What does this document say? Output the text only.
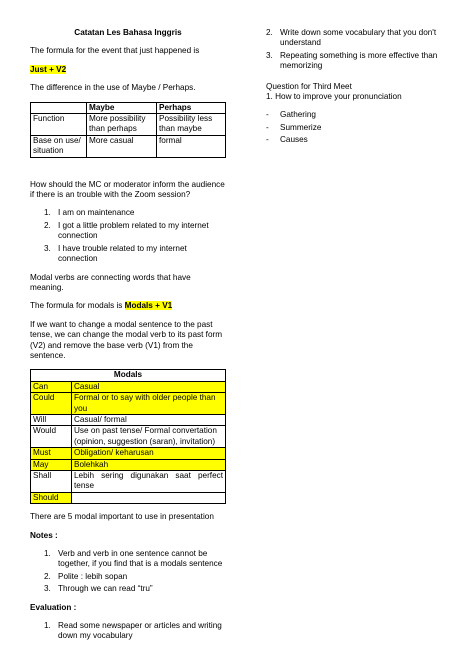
Catatan Les Bahasa Inggris

The formula for the event that just happened is

Just + V2

The difference in the use of Maybe / Perhaps.

	Maybe	Perhaps
Function	More possibility than perhaps	Possibility less than maybe
Base on use/ situation	More casual	formal

How should the MC or moderator inform the audience if there is an trouble with the Zoom session?

1. I am on maintenance
2. I got a little problem related to my internet connection
3. I have trouble related to my internet connection

Modal verbs are connecting words that have meaning.

The formula for modals is Modals + V1

If we want to change a modal sentence to the past tense, we can change the modal verb to its past form (V2) and remove the base verb (V1) from the sentence.

Modals	
Can	Casual
Could	Formal or to say with older people than you
Will	Casual/ formal
Would	Use on past tense/ Formal convertation (opinion, suggestion (saran), invitation)
Must	Obligation/ keharusan
May	Bolehkah
Shall	Lebih sering digunakan saat perfect tense
Should	

There are 5 modal important to use in presentation

Notes :

1. Verb and verb in one sentence cannot be together, if you find that is a modals sentence
2. Polite : lebih sopan
3. Through we can read “tru”

Evaluation :

1. Read some newspaper or articles and writing down my vocabulary
2. Write down some vocabulary that you don't understand
3. Repeating something is more effective than memorizing
Question for Third Meet

1. How to improve your pronunciation

- Gathering
- Summerize
- Causes
